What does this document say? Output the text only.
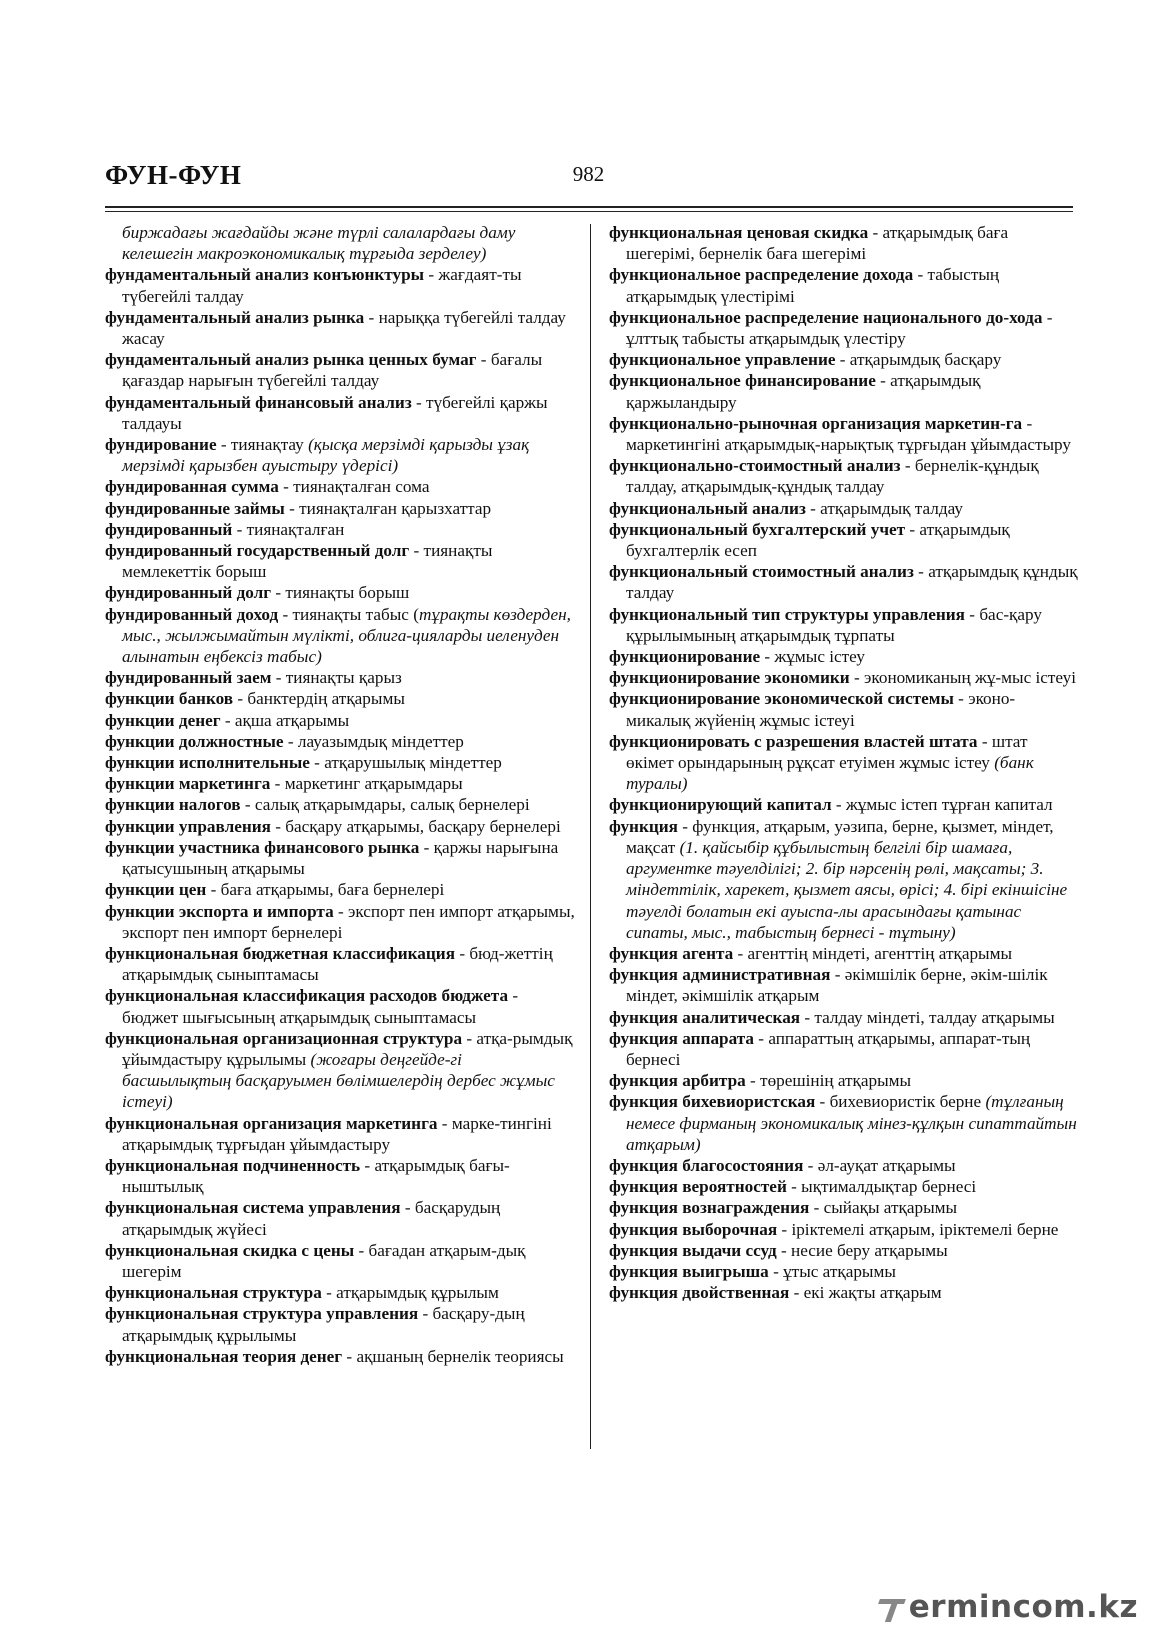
ФУН-ФУН	982

биржадағы жағдайды және түрлі салалардағы даму келешегін макроэкономикалық тұрғыда зерделеу)

фундаментальный анализ конъюнктуры - жағдаят-ты түбегейлі талдау

фундаментальный анализ рынка - нарыққа түбегейлі талдау жасау

фундаментальный анализ рынка ценных бумаг - бағалы қағаздар нарығын түбегейлі талдау

фундаментальный финансовый анализ - түбегейлі қаржы талдауы

фундирование - тиянақтау (қысқа мерзімді қарызды ұзақ мерзімді қарызбен ауыстыру үдерісі)

фундированная сумма - тиянақталған сома

фундированные займы - тиянақталған қарызхаттар

фундированный - тиянақталған

фундированный государственный долг - тиянақты мемлекеттік борыш

фундированный долг - тиянақты борыш

фундированный доход - тиянақты табыс (тұрақты көздерден, мыс., жылжымайтын мүлікті, облига-цияларды иеленуден алынатын еңбексіз табыс)

фундированный заем - тиянақты қарыз

функции банков - банктердің атқарымы

функции денег - ақша атқарымы

функции должностные - лауазымдық міндеттер

функции исполнительные - атқарушылық міндеттер

функции маркетинга - маркетинг атқарымдары

функции налогов - салық атқарымдары, салық бернелері

функции управления - басқару атқарымы, басқару бернелері

функции участника финансового рынка - қаржы нарығына қатысушының атқарымы

функции цен - баға атқарымы, баға бернелері

функции экспорта и импорта - экспорт пен импорт атқарымы, экспорт пен импорт бернелері

функциональная бюджетная классификация - бюд-жеттің атқарымдық сыныптамасы

функциональная классификация расходов бюджета - бюджет шығысының атқарымдық сыныптамасы

функциональная организационная структура - атқа-рымдық ұйымдастыру құрылымы (жоғары деңгейде-гі басшылықтың басқаруымен бөлімшелердің дербес жұмыс істеуі)

функциональная организация маркетинга - марке-тингіні атқарымдық тұрғыдан ұйымдастыру

функциональная подчиненность - атқарымдық бағы-ныштылық

функциональная система управления - басқарудың атқарымдық жүйесі

функциональная скидка с цены - бағадан атқарым-дық шегерім

функциональная структура - атқарымдық құрылым

функциональная структура управления - басқару-дың атқарымдық құрылымы

функциональная теория денег - ақшаның бернелік теориясы

функциональная ценовая скидка - атқарымдық баға шегерімі, бернелік баға шегерімі

функциональное распределение дохода - табыстың атқарымдық үлестірімі

функциональное распределение национального до-хода - ұлттық табысты атқарымдық үлестіру

функциональное управление - атқарымдық басқару

функциональное финансирование - атқарымдық қаржыландыру

функционально-рыночная организация маркетин-га - маркетингіні атқарымдық-нарықтық тұрғыдан ұйымдастыру

функционально-стоимостный анализ - бернелік-құндық талдау, атқарымдық-құндық талдау

функциональный анализ - атқарымдық талдау

функциональный бухгалтерский учет - атқарымдық бухгалтерлік есеп

функциональный стоимостный анализ - атқарымдық құндық талдау

функциональный тип структуры управления - бас-қару құрылымының атқарымдық тұрпаты

функционирование - жұмыс істеу

функционирование экономики - экономиканың жұ-мыс істеуі

функционирование экономической системы - эконо-микалық жүйенің жұмыс істеуі

функционировать с разрешения властей штата - штат өкімет орындарының рұқсат етуімен жұмыс істеу (банк туралы)

функционирующий капитал - жұмыс істеп тұрған капитал

функция - функция, атқарым, уәзипа, берне, қызмет, міндет, мақсат (1. қайсыбір құбылыстың белгілі бір шамаға, аргументке тәуелділігі; 2. бір нәрсенің рөлі, мақсаты; 3. міндеттілік, харекет, қызмет аясы, өрісі; 4. бірі екіншісіне тәуелді болатын екі ауыспа-лы арасындағы қатынас сипаты, мыс., табыстың бернесі - тұтыну)

функция агента - агенттің міндеті, агенттің атқарымы

функция административная - әкімшілік берне, әкім-шілік міндет, әкімшілік атқарым

функция аналитическая - талдау міндеті, талдау атқарымы

функция аппарата - аппараттың атқарымы, аппарат-тың бернесі

функция арбитра - төрешінің атқарымы

функция бихевиористская - бихевиористік берне (тұлғаның немесе фирманың экономикалық мінез-құлқын сипаттайтын атқарым)

функция благосостояния - әл-ауқат атқарымы

функция вероятностей - ықтималдықтар бернесі

функция вознаграждения - сыйақы атқарымы

функция выборочная - іріктемелі атқарым, іріктемелі берне

функция выдачи ссуд - несие беру атқарымы

функция выигрыша - ұтыс атқарымы

функция двойственная - екі жақты атқарым

ermincom.kz
